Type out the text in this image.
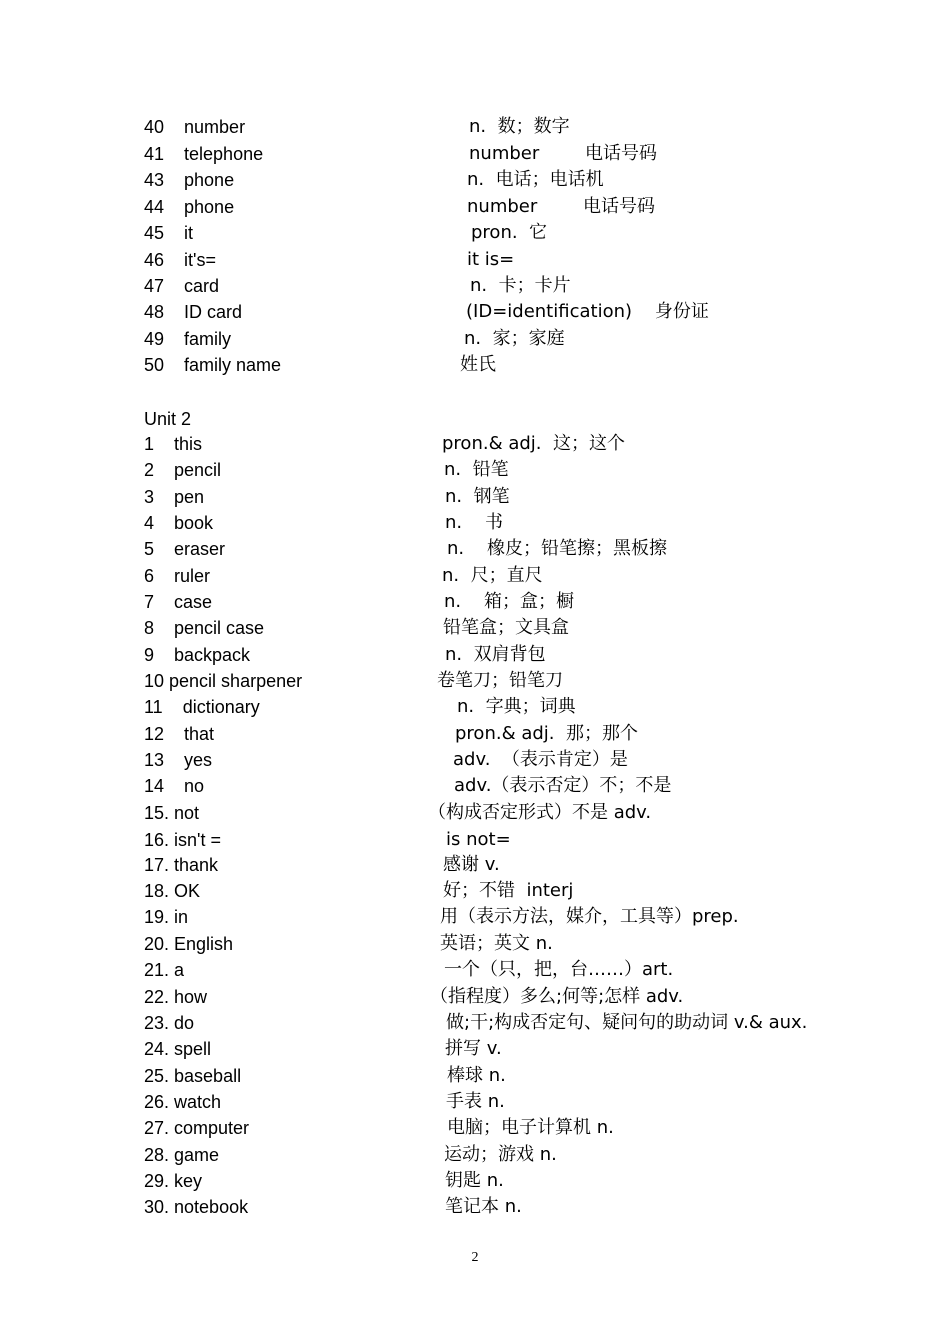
40    number	n.  数；数字
41    telephone	number        电话号码
43    phone	n.  电话；电话机
44    phone	number        电话号码
45    it	pron.  它
46    it's=	it is=
47    card	n.  卡；卡片
48    ID card	(ID=identification)    身份证
49    family	n.  家；家庭
50    family name	姓氏
Unit 2
1    this	pron.& adj.  这；这个
2    pencil	n.  铅笔
3    pen	n.  钢笔
4    book	n.    书
5    eraser	n.    橡皮；铅笔擦；黑板擦
6    ruler	n.  尺；直尺
7    case	n.    箱；盒；橱
8    pencil case	铅笔盒；文具盒
9    backpack	n.  双肩背包
10 pencil sharpener	卷笔刀；铅笔刀
11    dictionary	n.  字典；词典
12    that	pron.& adj.  那；那个
13    yes	adv.  （表示肯定）是
14    no	adv.（表示否定）不；不是
15. not	（构成否定形式）不是 adv.
16. isn't =	is not=
17. thank	感谢 v.
18. OK	好；不错  interj
19. in	用（表示方法，媒介，工具等）prep.
20. English	英语；英文 n.
21. a	一个（只，把，台……）art.
22. how	（指程度）多么;何等;怎样 adv.
23. do	做;干;构成否定句、疑问句的助动词 v.& aux.
24. spell	拼写 v.
25. baseball	棒球 n.
26. watch	手表 n.
27. computer	电脑；电子计算机 n.
28. game	运动；游戏 n.
29. key	钥匙 n.
30. notebook	笔记本 n.
2
